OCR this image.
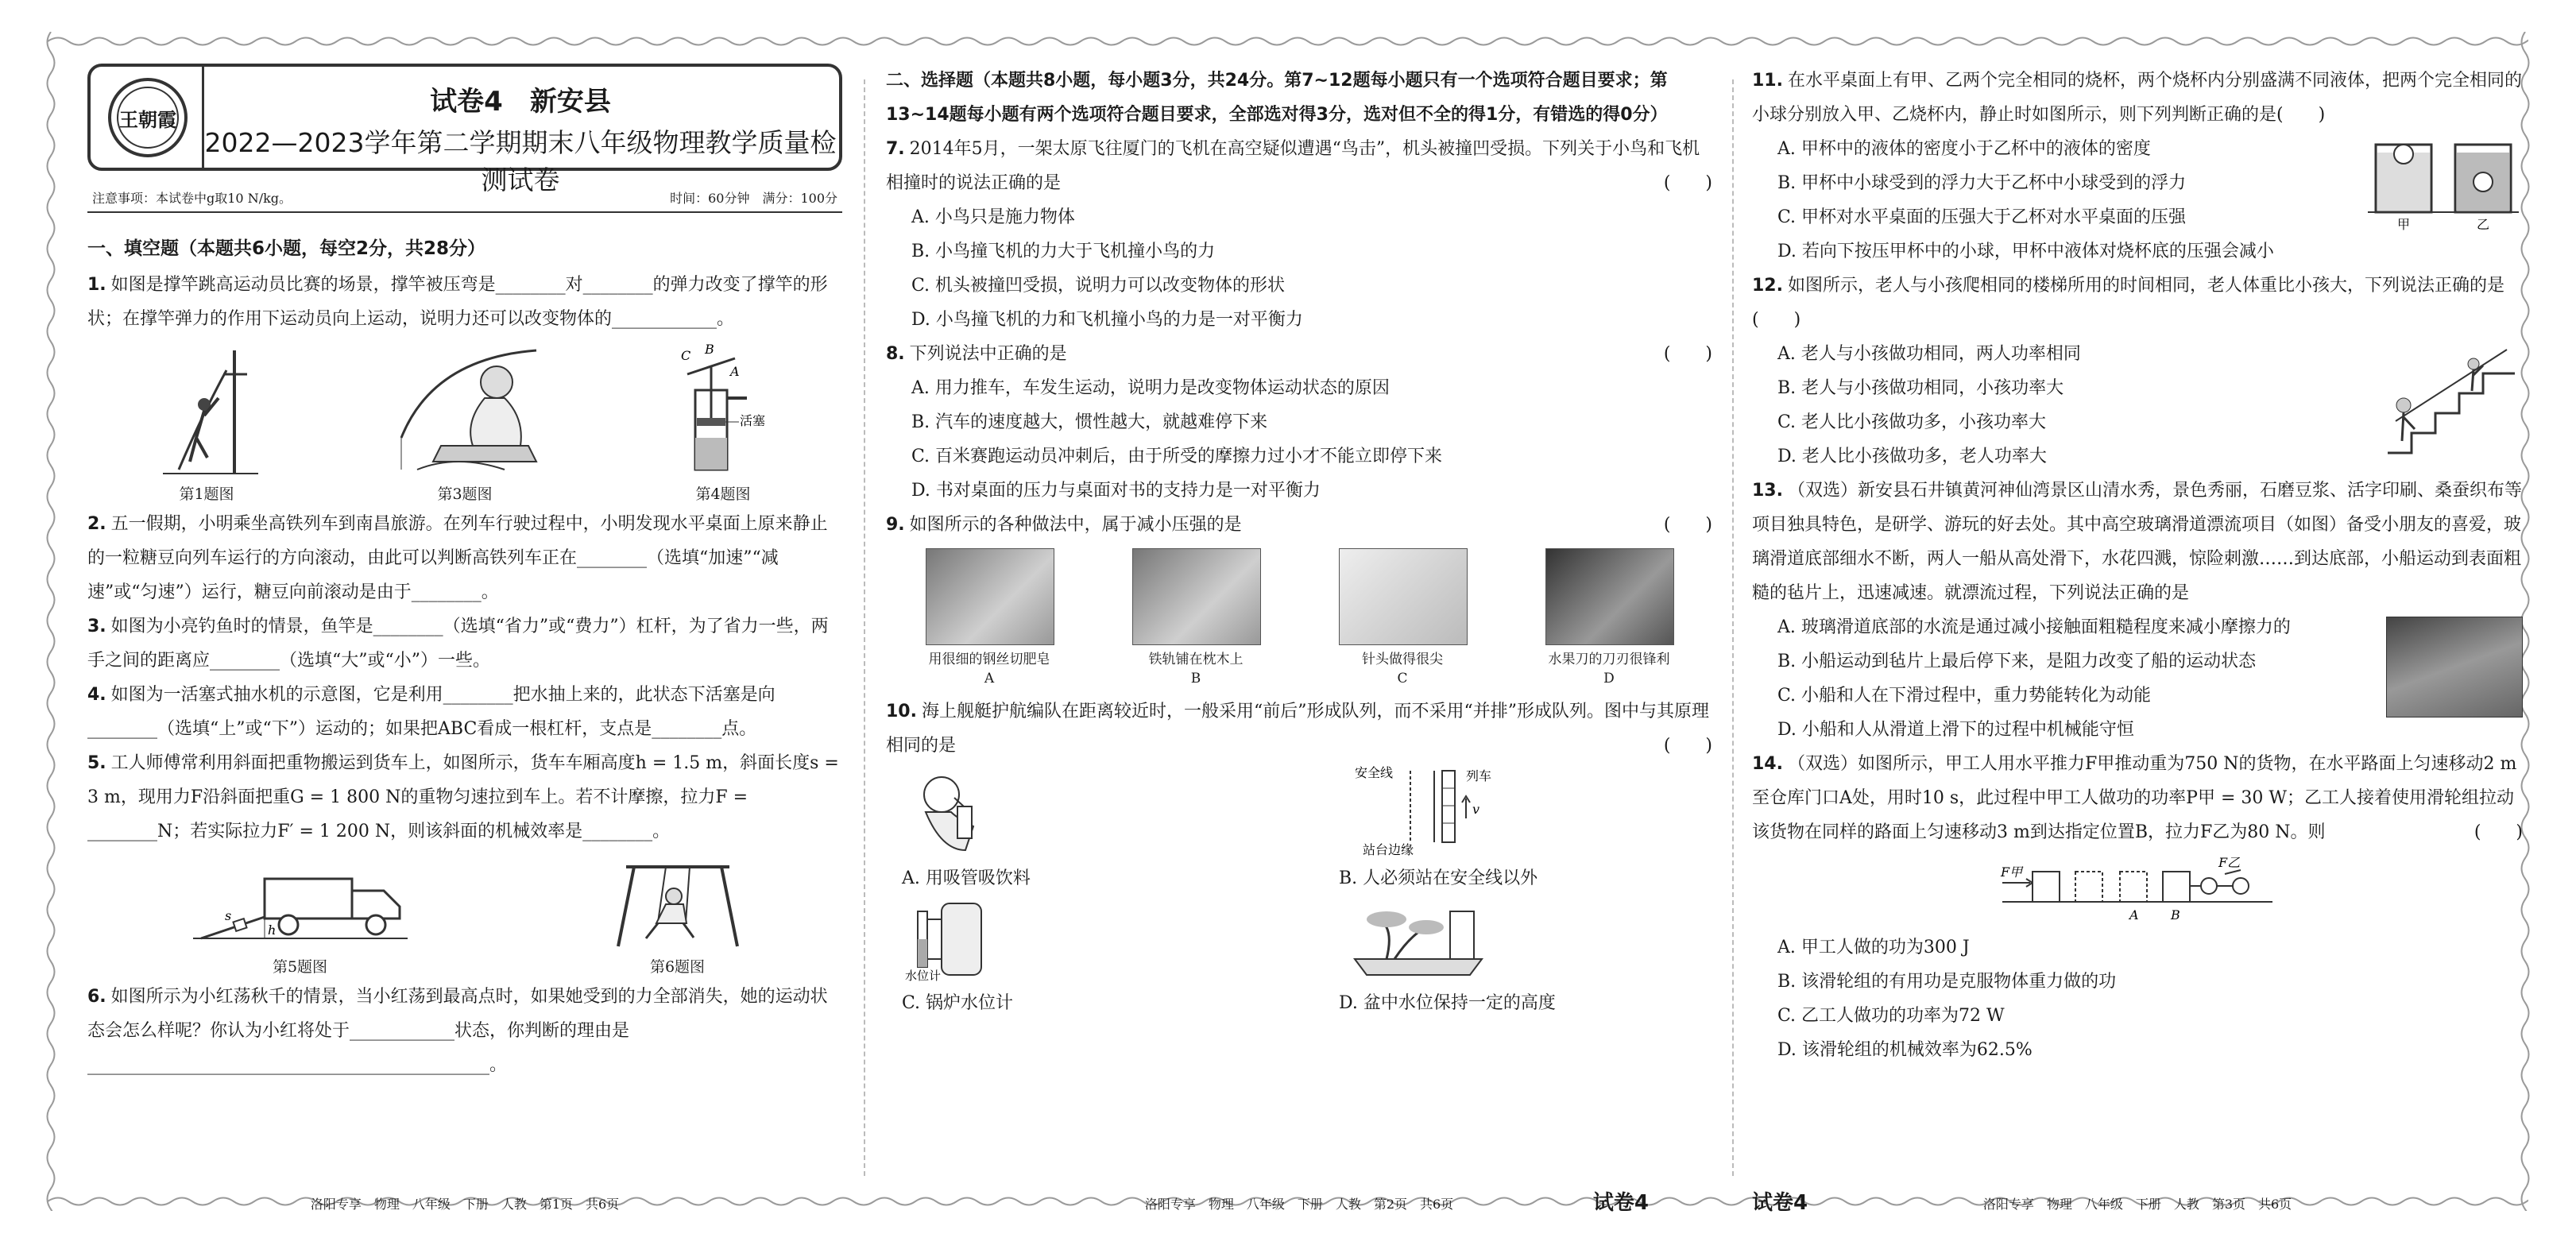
王朝霞
试卷4　新安县
2022—2023学年第二学期期末八年级物理教学质量检测试卷
注意事项：本试卷中g取10 N/kg。	时间：60分钟　满分：100分
一、填空题（本题共6小题，每空2分，共28分）

1. 如图是撑竿跳高运动员比赛的场景，撑竿被压弯是________对________的弹力改变了撑竿的形状；在撑竿弹力的作用下运动员向上运动，说明力还可以改变物体的____________。

第1题图	第3题图
C B
A
活塞
第4题图

2. 五一假期，小明乘坐高铁列车到南昌旅游。在列车行驶过程中，小明发现水平桌面上原来静止的一粒糖豆向列车运行的方向滚动，由此可以判断高铁列车正在________（选填“加速”“减速”或“匀速”）运行，糖豆向前滚动是由于________。

3. 如图为小亮钓鱼时的情景，鱼竿是________（选填“省力”或“费力”）杠杆，为了省力一些，两手之间的距离应________（选填“大”或“小”）一些。

4. 如图为一活塞式抽水机的示意图，它是利用________把水抽上来的，此状态下活塞是向________（选填“上”或“下”）运动的；如果把ABC看成一根杠杆，支点是________点。

5. 工人师傅常利用斜面把重物搬运到货车上，如图所示，货车车厢高度h = 1.5 m，斜面长度s = 3 m，现用力F沿斜面把重G = 1 800 N的重物匀速拉到车上。若不计摩擦，拉力F = ________N；若实际拉力F′ = 1 200 N，则该斜面的机械效率是________。

s
h
第5题图	第6题图

6. 如图所示为小红荡秋千的情景，当小红荡到最高点时，如果她受到的力全部消失，她的运动状态会怎么样呢？你认为小红将处于____________状态，你判断的理由是______________________________________________。

洛阳专享　物理　八年级　下册　人教　第1页　共6页

二、选择题（本题共8小题，每小题3分，共24分。第7~12题每小题只有一个选项符合题目要求；第13~14题每小题有两个选项符合题目要求，全部选对得3分，选对但不全的得1分，有错选的得0分）

7. 2014年5月，一架太原飞往厦门的飞机在高空疑似遭遇“鸟击”，机头被撞凹受损。下列关于小鸟和飞机相撞时的说法正确的是	(　　)

A. 小鸟只是施力物体
B. 小鸟撞飞机的力大于飞机撞小鸟的力
C. 机头被撞凹受损，说明力可以改变物体的形状
D. 小鸟撞飞机的力和飞机撞小鸟的力是一对平衡力

8. 下列说法中正确的是	(　　)

A. 用力推车，车发生运动，说明力是改变物体运动状态的原因
B. 汽车的速度越大，惯性越大，就越难停下来
C. 百米赛跑运动员冲刺后，由于所受的摩擦力过小才不能立即停下来
D. 书对桌面的压力与桌面对书的支持力是一对平衡力

9. 如图所示的各种做法中，属于减小压强的是	(　　)

用很细的钢丝切肥皂
A
铁轨铺在枕木上
B
针头做得很尖
C
水果刀的刀刃很锋利
D

10. 海上舰艇护航编队在距离较近时，一般采用“前后”形成队列，而不采用“并排”形成队列。图中与其原理相同的是	(　　)

A. 用吸管吸饮料
安全线	列车
v
站台边缘
B. 人必须站在安全线以外
水位计
C. 锅炉水位计	D. 盆中水位保持一定的高度
洛阳专享　物理　八年级　下册　人教　第2页　共6页	试卷4

11. 在水平桌面上有甲、乙两个完全相同的烧杯，两个烧杯内分别盛满不同液体，把两个完全相同的小球分别放入甲、乙烧杯内，静止时如图所示，则下列判断正确的是(　　)

甲	乙
A. 甲杯中的液体的密度小于乙杯中的液体的密度
B. 甲杯中小球受到的浮力大于乙杯中小球受到的浮力
C. 甲杯对水平桌面的压强大于乙杯对水平桌面的压强
D. 若向下按压甲杯中的小球，甲杯中液体对烧杯底的压强会减小

12. 如图所示，老人与小孩爬相同的楼梯所用的时间相同，老人体重比小孩大，下列说法正确的是(　　)

A. 老人与小孩做功相同，两人功率相同
B. 老人与小孩做功相同，小孩功率大
C. 老人比小孩做功多，小孩功率大
D. 老人比小孩做功多，老人功率大

13. （双选）新安县石井镇黄河神仙湾景区山清水秀，景色秀丽，石磨豆浆、活字印刷、桑蚕织布等项目独具特色，是研学、游玩的好去处。其中高空玻璃滑道漂流项目（如图）备受小朋友的喜爱，玻璃滑道底部细水不断，两人一船从高处滑下，水花四溅，惊险刺激……到达底部，小船运动到表面粗糙的毡片上，迅速减速。就漂流过程，下列说法正确的是

A. 玻璃滑道底部的水流是通过减小接触面粗糙程度来减小摩擦力的
B. 小船运动到毡片上最后停下来，是阻力改变了船的运动状态
C. 小船和人在下滑过程中，重力势能转化为动能
D. 小船和人从滑道上滑下的过程中机械能守恒

14. （双选）如图所示，甲工人用水平推力F甲推动重为750 N的货物，在水平路面上匀速移动2 m至仓库门口A处，用时10 s，此过程中甲工人做功的功率P甲 = 30 W；乙工人接着使用滑轮组拉动该货物在同样的路面上匀速移动3 m到达指定位置B，拉力F乙为80 N。则	(　　)

F甲
F乙
A	B
A. 甲工人做的功为300 J
B. 该滑轮组的有用功是克服物体重力做的功
C. 乙工人做功的功率为72 W
D. 该滑轮组的机械效率为62.5%
洛阳专享　物理　八年级　下册　人教　第3页　共6页
试卷4
